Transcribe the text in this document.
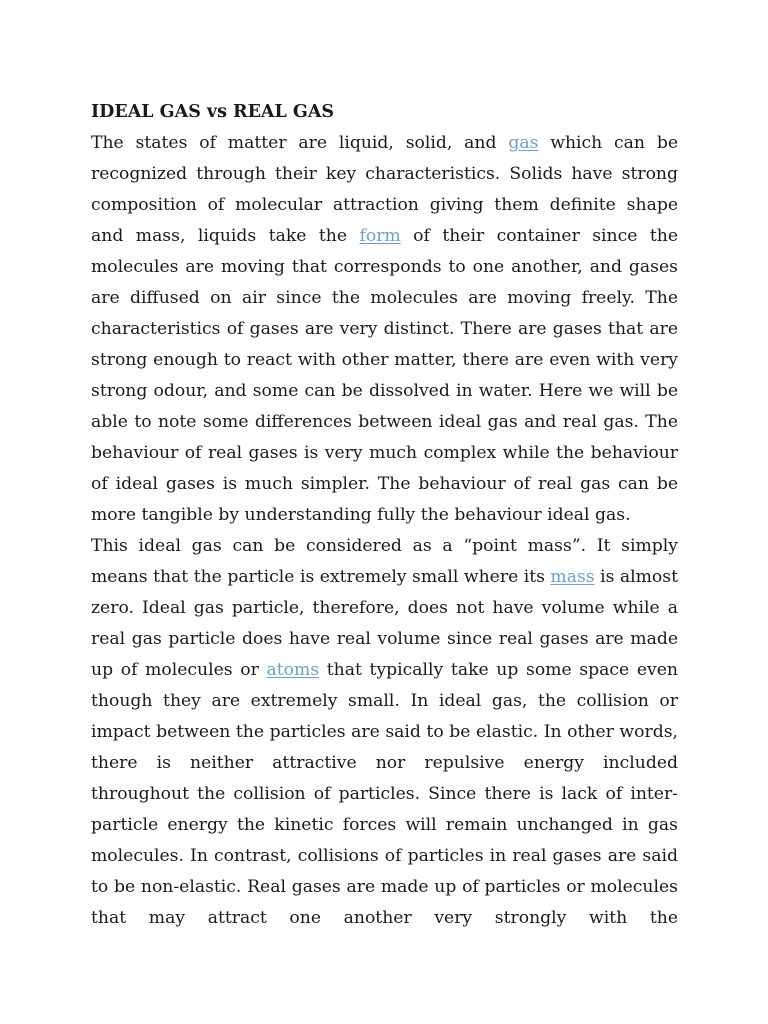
IDEAL GAS vs REAL GAS

The states of matter are liquid, solid, and gas which can be recognized through their key characteristics. Solids have strong composition of molecular attraction giving them definite shape and mass, liquids take the form of their container since the molecules are moving that corresponds to one another, and gases are diffused on air since the molecules are moving freely. The characteristics of gases are very distinct. There are gases that are strong enough to react with other matter, there are even with very strong odour, and some can be dissolved in water. Here we will be able to note some differences between ideal gas and real gas. The behaviour of real gases is very much complex while the behaviour of ideal gases is much simpler. The behaviour of real gas can be more tangible by understanding fully the behaviour ideal gas.

This ideal gas can be considered as a “point mass”. It simply means that the particle is extremely small where its mass is almost zero. Ideal gas particle, therefore, does not have volume while a real gas particle does have real volume since real gases are made up of molecules or atoms that typically take up some space even though they are extremely small. In ideal gas, the collision or impact between the particles are said to be elastic. In other words, there is neither attractive nor repulsive energy included throughout the collision of particles. Since there is lack of inter-particle energy the kinetic forces will remain unchanged in gas molecules. In contrast, collisions of particles in real gases are said to be non-elastic. Real gases are made up of particles or molecules that may attract one another very strongly with the
